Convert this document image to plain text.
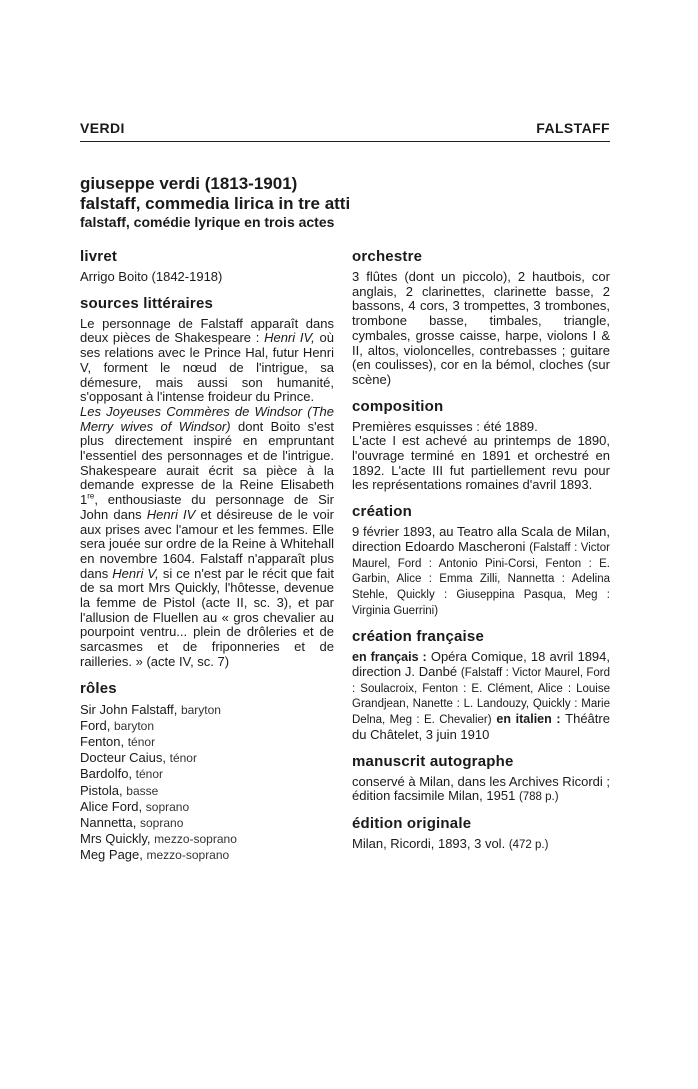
VERDI	FALSTAFF
giuseppe verdi (1813-1901)
falstaff, commedia lirica in tre atti
falstaff, comédie lyrique en trois actes
livret

Arrigo Boito (1842-1918)

sources littéraires

Le personnage de Falstaff apparaît dans deux pièces de Shakespeare : Henri IV, où ses relations avec le Prince Hal, futur Henri V, forment le nœud de l'intrigue, sa démesure, mais aussi son humanité, s'opposant à l'intense froideur du Prince.

Les Joyeuses Commères de Windsor (The Merry wives of Windsor) dont Boito s'est plus directement inspiré en empruntant l'essentiel des personnages et de l'intrigue. Shakespeare aurait écrit sa pièce à la demande expresse de la Reine Elisabeth 1re, enthousiaste du personnage de Sir John dans Henri IV et désireuse de le voir aux prises avec l'amour et les femmes. Elle sera jouée sur ordre de la Reine à Whitehall en novembre 1604. Falstaff n'apparaît plus dans Henri V, si ce n'est par le récit que fait de sa mort Mrs Quickly, l'hôtesse, devenue la femme de Pistol (acte II, sc. 3), et par l'allusion de Fluellen au « gros chevalier au pourpoint ventru... plein de drôleries et de sarcasmes et de friponneries et de railleries. » (acte IV, sc. 7)

rôles
Sir John Falstaff, baryton
Ford, baryton
Fenton, ténor
Docteur Caius, ténor
Bardolfo, ténor
Pistola, basse
Alice Ford, soprano
Nannetta, soprano
Mrs Quickly, mezzo-soprano
Meg Page, mezzo-soprano
orchestre

3 flûtes (dont un piccolo), 2 hautbois, cor anglais, 2 clarinettes, clarinette basse, 2 bassons, 4 cors, 3 trompettes, 3 trombones, trombone basse, timbales, triangle, cymbales, grosse caisse, harpe, violons I & II, altos, violoncelles, contrebasses ; guitare (en coulisses), cor en la bémol, cloches (sur scène)

composition

Premières esquisses : été 1889.

L'acte I est achevé au printemps de 1890, l'ouvrage terminé en 1891 et orchestré en 1892. L'acte III fut partiellement revu pour les représentations romaines d'avril 1893.

création

9 février 1893, au Teatro alla Scala de Milan, direction Edoardo Mascheroni (Falstaff : Victor Maurel, Ford : Antonio Pini-Corsi, Fenton : E. Garbin, Alice : Emma Zilli, Nannetta : Adelina Stehle, Quickly : Giuseppina Pasqua, Meg : Virginia Guerrini)

création française

en français : Opéra Comique, 18 avril 1894, direction J. Danbé (Falstaff : Victor Maurel, Ford : Soulacroix, Fenton : E. Clément, Alice : Louise Grandjean, Nanette : L. Landouzy, Quickly : Marie Delna, Meg : E. Chevalier) en italien : Théâtre du Châtelet, 3 juin 1910

manuscrit autographe

conservé à Milan, dans les Archives Ricordi ; édition facsimile Milan, 1951 (788 p.)

édition originale

Milan, Ricordi, 1893, 3 vol. (472 p.)
